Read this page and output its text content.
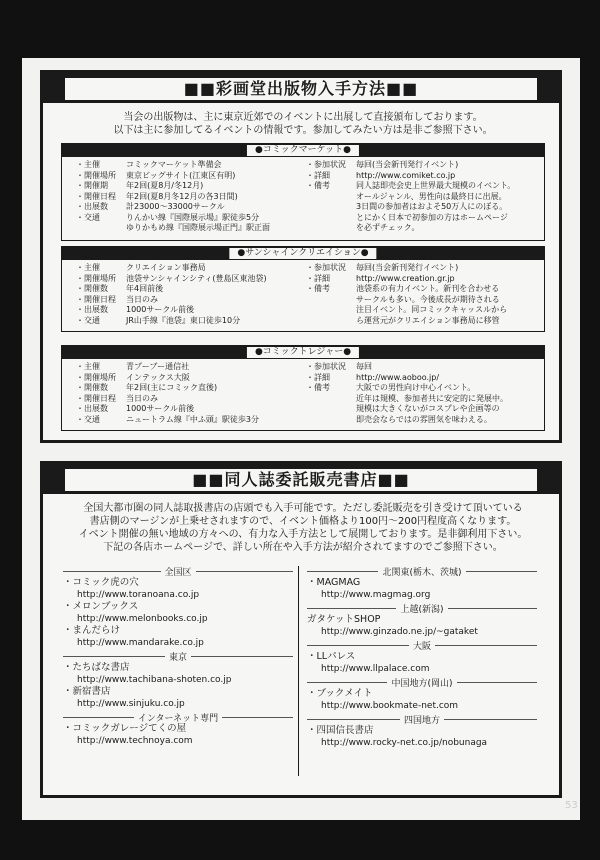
■■彩画堂出版物入手方法■■
当会の出版物は、主に東京近郊でのイベントに出展して直接頒布しております。
以下は主に参加してるイベントの情報です。参加してみたい方は是非ご参照下さい。
●コミックマーケット●
・主催	コミックマーケット準備会
・開催場所	東京ビッグサイト(江東区有明)
・開催期	年2回(夏8月/冬12月)
・開催日程	年2回(夏8月冬12月の各3日間)
・出展数	計23000〜33000サークル
・交通	りんかい線『国際展示場』駅徒歩5分
ゆりかもめ線『国際展示場正門』駅正面
・参加状況	毎回(当会新刊発行イベント)
・詳細	http://www.comiket.co.jp
・備考	同人誌即売会史上世界最大規模のイベント。
オールジャンル、男性向は最終日に出展。
3日間の参加者はおよそ50万人にのぼる。
とにかく日本で初参加の方はホームページ
を必ずチェック。
●サンシャインクリエイション●
・主催	クリエイション事務局
・開催場所	池袋サンシャインシティ(豊島区東池袋)
・開催数	年4回前後
・開催日程	当日のみ
・出展数	1000サークル前後
・交通	JR山手線『池袋』東口徒歩10分
・参加状況	毎回(当会新刊発行イベント)
・詳細	http://www.creation.gr.jp
・備考	池袋系の有力イベント。新刊を合わせる
サークルも多い。今後成長が期待される
注目イベント。同コミックキャッスルから
ら運営元がクリエイション事務局に移管
●コミックトレジャー●
・主催	青プーブー通信社
・開催場所	インテックス大阪
・開催数	年2回(主にコミック直後)
・開催日程	当日のみ
・出展数	1000サークル前後
・交通	ニュートラム線『中ふ頭』駅徒歩3分
・参加状況	毎回
・詳細	http://www.aoboo.jp/
・備考	大阪での男性向け中心イベント。
近年は規模、参加者共に安定的に発展中。
規模は大きくないがコスプレや企画等の
即売会ならではの雰囲気を味わえる。
■■同人誌委託販売書店■■
全国大都市圏の同人誌取扱書店の店頭でも入手可能です。ただし委託販売を引き受けて頂いている
書店側のマージンが上乗せされますので、イベント価格より100円〜200円程度高くなります。
イベント開催の無い地域の方々への、有力な入手方法として展開しております。是非御利用下さい。
下記の各店ホームページで、詳しい所在や入手方法が紹介されてますのでご参照下さい。
全国区
・コミック虎の穴
http://www.toranoana.co.jp
・メロンブックス
http://www.melonbooks.co.jp
・まんだらけ
http://www.mandarake.co.jp
東京
・たちばな書店
http://www.tachibana-shoten.co.jp
・新宿書店
http://www.sinjuku.co.jp
インターネット専門
・コミックガレージてくの屋
http://www.technoya.com
北関東(栃木、茨城)
・MAGMAG
http://www.magmag.org
上越(新潟)
ガタケットSHOP
http://www.ginzado.ne.jp/~gataket
大阪
・LLパレス
http://www.llpalace.com
中国地方(岡山)
・ブックメイト
http://www.bookmate-net.com
四国地方
・四国信長書店
http://www.rocky-net.co.jp/nobunaga
53
